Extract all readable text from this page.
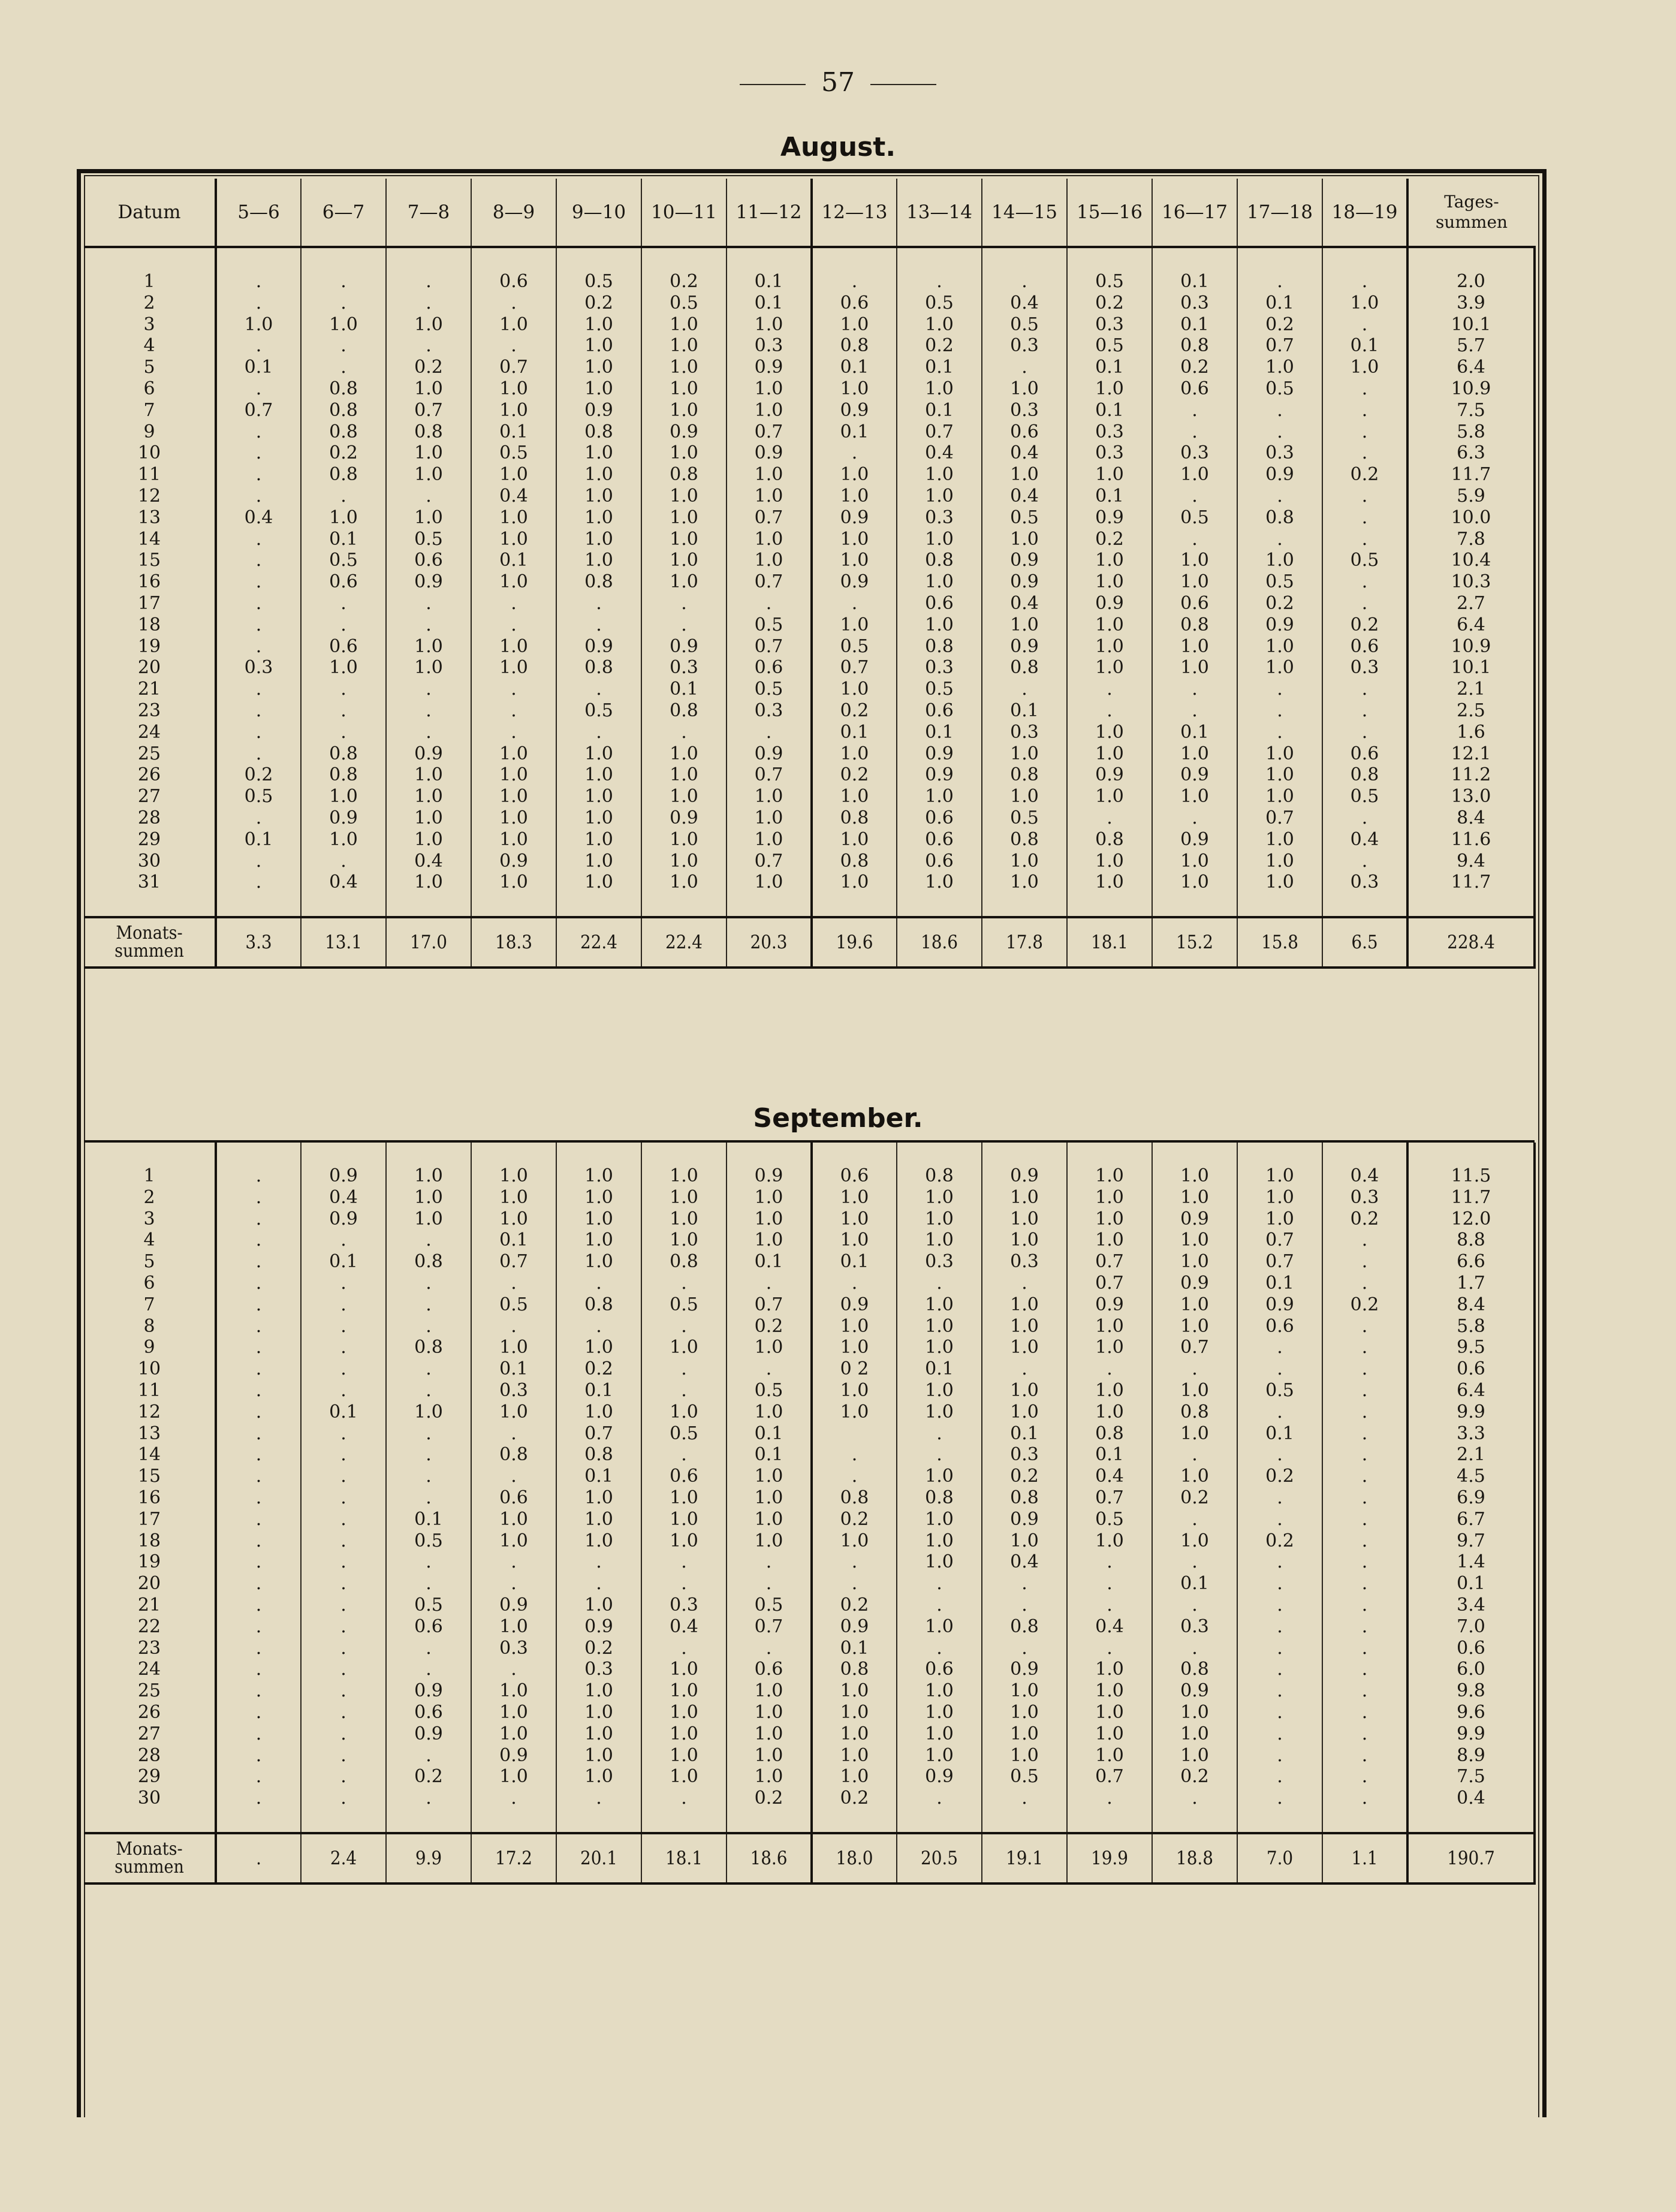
57
August.
Datum	5—6	6—7	7—8	8—9	9—10	10—11	11—12	12—13	13—14	14—15	15—16	16—17	17—18	18—19	Tages-
summen

1	.	.	.	0.6	0.5	0.2	0.1	.	.	.	0.5	0.1	.	.	2.0
2	.	.	.	.	0.2	0.5	0.1	0.6	0.5	0.4	0.2	0.3	0.1	1.0	3.9
3	1.0	1.0	1.0	1.0	1.0	1.0	1.0	1.0	1.0	0.5	0.3	0.1	0.2	.	10.1
4	.	.	.	.	1.0	1.0	0.3	0.8	0.2	0.3	0.5	0.8	0.7	0.1	5.7
5	0.1	.	0.2	0.7	1.0	1.0	0.9	0.1	0.1	.	0.1	0.2	1.0	1.0	6.4
6	.	0.8	1.0	1.0	1.0	1.0	1.0	1.0	1.0	1.0	1.0	0.6	0.5	.	10.9
7	0.7	0.8	0.7	1.0	0.9	1.0	1.0	0.9	0.1	0.3	0.1	.	.	.	7.5
9	.	0.8	0.8	0.1	0.8	0.9	0.7	0.1	0.7	0.6	0.3	.	.	.	5.8
10	.	0.2	1.0	0.5	1.0	1.0	0.9	.	0.4	0.4	0.3	0.3	0.3	.	6.3
11	.	0.8	1.0	1.0	1.0	0.8	1.0	1.0	1.0	1.0	1.0	1.0	0.9	0.2	11.7
12	.	.	.	0.4	1.0	1.0	1.0	1.0	1.0	0.4	0.1	.	.	.	5.9
13	0.4	1.0	1.0	1.0	1.0	1.0	0.7	0.9	0.3	0.5	0.9	0.5	0.8	.	10.0
14	.	0.1	0.5	1.0	1.0	1.0	1.0	1.0	1.0	1.0	0.2	.	.	.	7.8
15	.	0.5	0.6	0.1	1.0	1.0	1.0	1.0	0.8	0.9	1.0	1.0	1.0	0.5	10.4
16	.	0.6	0.9	1.0	0.8	1.0	0.7	0.9	1.0	0.9	1.0	1.0	0.5	.	10.3
17	.	.	.	.	.	.	.	.	0.6	0.4	0.9	0.6	0.2	.	2.7
18	.	.	.	.	.	.	0.5	1.0	1.0	1.0	1.0	0.8	0.9	0.2	6.4
19	.	0.6	1.0	1.0	0.9	0.9	0.7	0.5	0.8	0.9	1.0	1.0	1.0	0.6	10.9
20	0.3	1.0	1.0	1.0	0.8	0.3	0.6	0.7	0.3	0.8	1.0	1.0	1.0	0.3	10.1
21	.	.	.	.	.	0.1	0.5	1.0	0.5	.	.	.	.	.	2.1
23	.	.	.	.	0.5	0.8	0.3	0.2	0.6	0.1	.	.	.	.	2.5
24	.	.	.	.	.	.	.	0.1	0.1	0.3	1.0	0.1	.	.	1.6
25	.	0.8	0.9	1.0	1.0	1.0	0.9	1.0	0.9	1.0	1.0	1.0	1.0	0.6	12.1
26	0.2	0.8	1.0	1.0	1.0	1.0	0.7	0.2	0.9	0.8	0.9	0.9	1.0	0.8	11.2
27	0.5	1.0	1.0	1.0	1.0	1.0	1.0	1.0	1.0	1.0	1.0	1.0	1.0	0.5	13.0
28	.	0.9	1.0	1.0	1.0	0.9	1.0	0.8	0.6	0.5	.	.	0.7	.	8.4
29	0.1	1.0	1.0	1.0	1.0	1.0	1.0	1.0	0.6	0.8	0.8	0.9	1.0	0.4	11.6
30	.	.	0.4	0.9	1.0	1.0	0.7	0.8	0.6	1.0	1.0	1.0	1.0	.	9.4
31	.	0.4	1.0	1.0	1.0	1.0	1.0	1.0	1.0	1.0	1.0	1.0	1.0	0.3	11.7

Monats-
summen	3.3	13.1	17.0	18.3	22.4	22.4	20.3	19.6	18.6	17.8	18.1	15.2	15.8	6.5	228.4
September.

1	.	0.9	1.0	1.0	1.0	1.0	0.9	0.6	0.8	0.9	1.0	1.0	1.0	0.4	11.5
2	.	0.4	1.0	1.0	1.0	1.0	1.0	1.0	1.0	1.0	1.0	1.0	1.0	0.3	11.7
3	.	0.9	1.0	1.0	1.0	1.0	1.0	1.0	1.0	1.0	1.0	0.9	1.0	0.2	12.0
4	.	.	.	0.1	1.0	1.0	1.0	1.0	1.0	1.0	1.0	1.0	0.7	.	8.8
5	.	0.1	0.8	0.7	1.0	0.8	0.1	0.1	0.3	0.3	0.7	1.0	0.7	.	6.6
6	.	.	.	.	.	.	.	.	.	.	0.7	0.9	0.1	.	1.7
7	.	.	.	0.5	0.8	0.5	0.7	0.9	1.0	1.0	0.9	1.0	0.9	0.2	8.4
8	.	.	.	.	.	.	0.2	1.0	1.0	1.0	1.0	1.0	0.6	.	5.8
9	.	.	0.8	1.0	1.0	1.0	1.0	1.0	1.0	1.0	1.0	0.7	.	.	9.5
10	.	.	.	0.1	0.2	.	.	0 2	0.1	.	.	.	.	.	0.6
11	.	.	.	0.3	0.1	.	0.5	1.0	1.0	1.0	1.0	1.0	0.5	.	6.4
12	.	0.1	1.0	1.0	1.0	1.0	1.0	1.0	1.0	1.0	1.0	0.8	.	.	9.9
13	.	.	.	.	0.7	0.5	0.1		.	0.1	0.8	1.0	0.1	.	3.3
14	.	.	.	0.8	0.8	.	0.1	.	.	0.3	0.1	.	.	.	2.1
15	.	.	.	.	0.1	0.6	1.0	.	1.0	0.2	0.4	1.0	0.2	.	4.5
16	.	.	.	0.6	1.0	1.0	1.0	0.8	0.8	0.8	0.7	0.2	.	.	6.9
17	.	.	0.1	1.0	1.0	1.0	1.0	0.2	1.0	0.9	0.5	.	.	.	6.7
18	.	.	0.5	1.0	1.0	1.0	1.0	1.0	1.0	1.0	1.0	1.0	0.2	.	9.7
19	.	.	.	.	.	.	.	.	1.0	0.4	.	.	.	.	1.4
20	.	.	.	.	.	.	.	.	.	.	.	0.1	.	.	0.1
21	.	.	0.5	0.9	1.0	0.3	0.5	0.2	.	.	.	.	.	.	3.4
22	.	.	0.6	1.0	0.9	0.4	0.7	0.9	1.0	0.8	0.4	0.3	.	.	7.0
23	.	.	.	0.3	0.2	.	.	0.1	.	.	.	.	.	.	0.6
24	.	.	.	.	0.3	1.0	0.6	0.8	0.6	0.9	1.0	0.8	.	.	6.0
25	.	.	0.9	1.0	1.0	1.0	1.0	1.0	1.0	1.0	1.0	0.9	.	.	9.8
26	.	.	0.6	1.0	1.0	1.0	1.0	1.0	1.0	1.0	1.0	1.0	.	.	9.6
27	.	.	0.9	1.0	1.0	1.0	1.0	1.0	1.0	1.0	1.0	1.0	.	.	9.9
28	.	.	.	0.9	1.0	1.0	1.0	1.0	1.0	1.0	1.0	1.0	.	.	8.9
29	.	.	0.2	1.0	1.0	1.0	1.0	1.0	0.9	0.5	0.7	0.2	.	.	7.5
30	.	.	.	.	.	.	0.2	0.2	.	.	.	.	.	.	0.4

Monats-
summen	.	2.4	9.9	17.2	20.1	18.1	18.6	18.0	20.5	19.1	19.9	18.8	7.0	1.1	190.7
